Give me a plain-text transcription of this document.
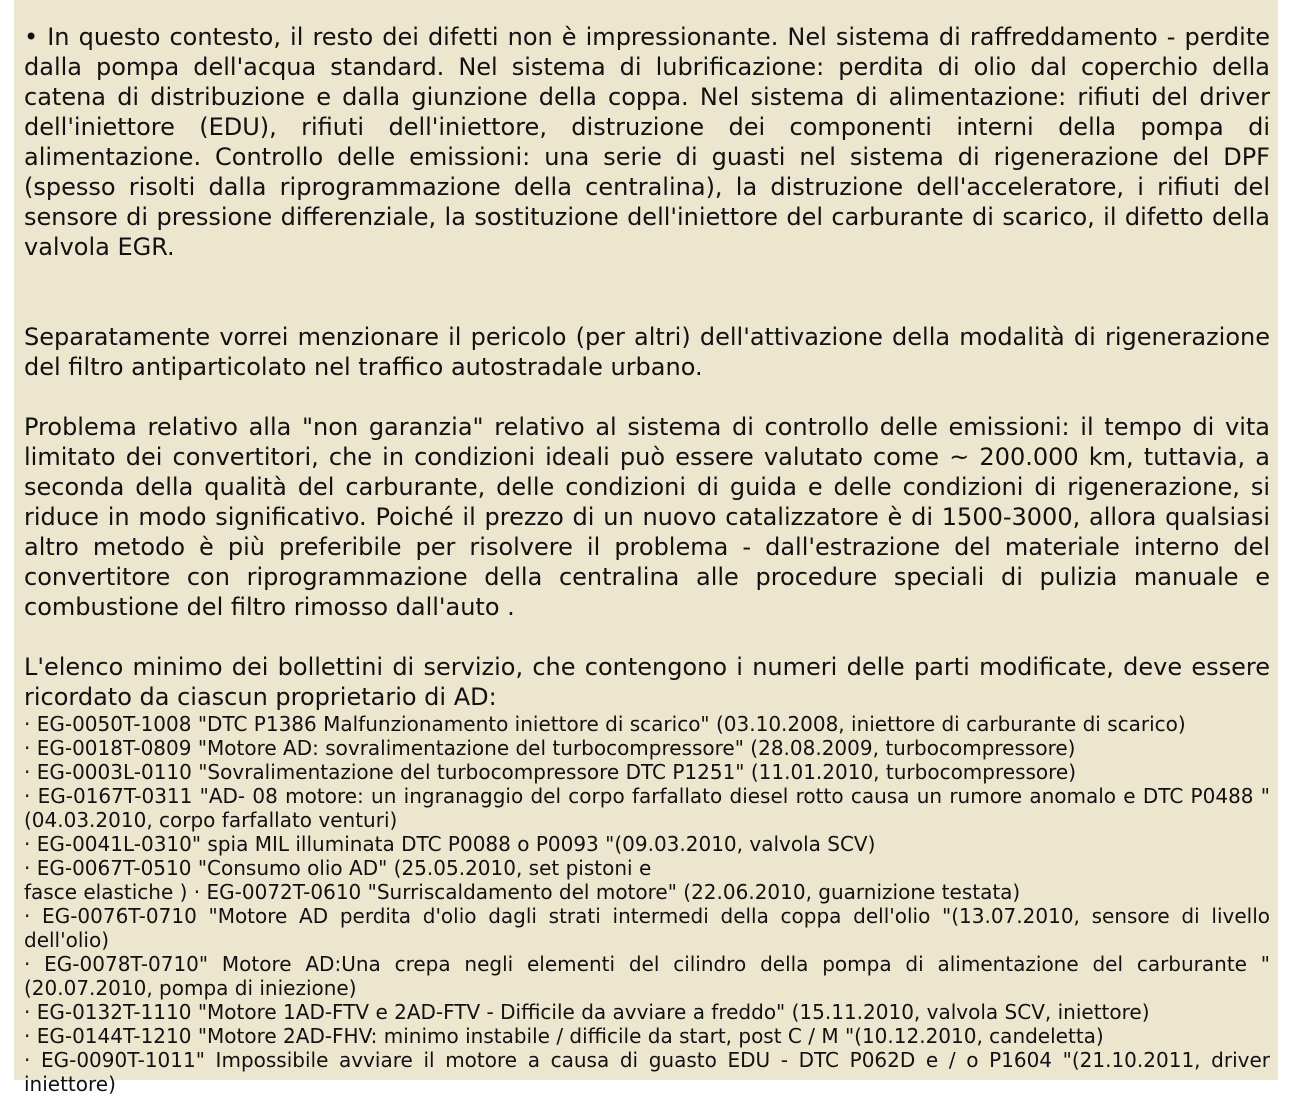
• In questo contesto, il resto dei difetti non è impressionante. Nel sistema di raffreddamento - perdite dalla pompa dell'acqua standard. Nel sistema di lubrificazione: perdita di olio dal coperchio della catena di distribuzione e dalla giunzione della coppa. Nel sistema di alimentazione: rifiuti del driver dell'iniettore (EDU), rifiuti dell'iniettore, distruzione dei componenti interni della pompa di alimentazione. Controllo delle emissioni: una serie di guasti nel sistema di rigenerazione del DPF (spesso risolti dalla riprogrammazione della centralina), la distruzione dell'acceleratore, i rifiuti del sensore di pressione differenziale, la sostituzione dell'iniettore del carburante di scarico, il difetto della valvola EGR.

Separatamente vorrei menzionare il pericolo (per altri) dell'attivazione della modalità di rigenerazione del filtro antiparticolato nel traffico autostradale urbano.

Problema relativo alla "non garanzia" relativo al sistema di controllo delle emissioni: il tempo di vita limitato dei convertitori, che in condizioni ideali può essere valutato come ~ 200.000 km, tuttavia, a seconda della qualità del carburante, delle condizioni di guida e delle condizioni di rigenerazione, si riduce in modo significativo. Poiché il prezzo di un nuovo catalizzatore è di 1500-3000, allora qualsiasi altro metodo è più preferibile per risolvere il problema - dall'estrazione del materiale interno del convertitore con riprogrammazione della centralina alle procedure speciali di pulizia manuale e combustione del filtro rimosso dall'auto .

L'elenco minimo dei bollettini di servizio, che contengono i numeri delle parti modificate, deve essere ricordato da ciascun proprietario di AD:

· EG-0050T-1008 "DTC P1386 Malfunzionamento iniettore di scarico" (03.10.2008, iniettore di carburante di scarico)
· EG-0018T-0809 "Motore AD: sovralimentazione del turbocompressore" (28.08.2009, turbocompressore)
· EG-0003L-0110 "Sovralimentazione del turbocompressore DTC P1251" (11.01.2010, turbocompressore)
· EG-0167T-0311 "AD- 08 motore: un ingranaggio del corpo farfallato diesel rotto causa un rumore anomalo e DTC P0488 "(04.03.2010, corpo farfallato venturi)
· EG-0041L-0310" spia MIL illuminata DTC P0088 o P0093 "(09.03.2010, valvola SCV)
· EG-0067T-0510 "Consumo olio AD" (25.05.2010, set pistoni e
fasce elastiche ) · EG-0072T-0610 "Surriscaldamento del motore" (22.06.2010, guarnizione testata)
· EG-0076T-0710 "Motore AD perdita d'olio dagli strati intermedi della coppa dell'olio "(13.07.2010, sensore di livello dell'olio)
· EG-0078T-0710" Motore AD:Una crepa negli elementi del cilindro della pompa di alimentazione del carburante "(20.07.2010, pompa di iniezione)
· EG-0132T-1110 "Motore 1AD-FTV e 2AD-FTV - Difficile da avviare a freddo" (15.11.2010, valvola SCV, iniettore)
· EG-0144T-1210 "Motore 2AD-FHV: minimo instabile / difficile da start, post C / M "(10.12.2010, candeletta)
· EG-0090T-1011" Impossibile avviare il motore a causa di guasto EDU - DTC P062D e / o P1604 "(21.10.2011, driver iniettore)
